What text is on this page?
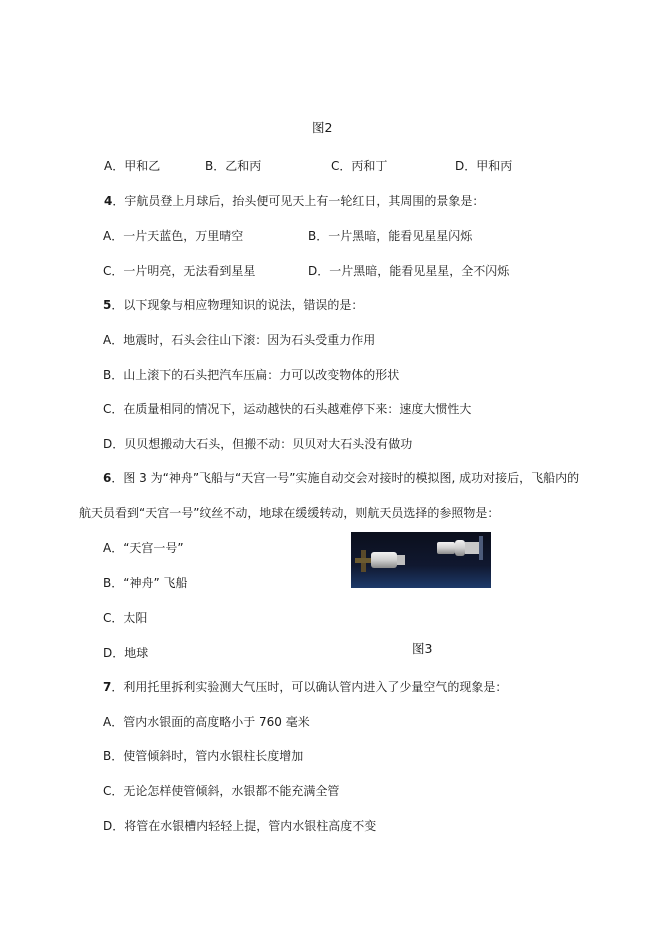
图2
A．甲和乙	B．乙和丙	C．丙和丁	D．甲和丙
4．宇航员登上月球后，抬头便可见天上有一轮红日，其周围的景象是：
A．一片天蓝色，万里晴空	B．一片黑暗，能看见星星闪烁
C．一片明亮，无法看到星星	D．一片黑暗，能看见星星，全不闪烁
5．以下现象与相应物理知识的说法，错误的是：
A．地震时，石头会往山下滚：因为石头受重力作用
B．山上滚下的石头把汽车压扁：力可以改变物体的形状
C．在质量相同的情况下，运动越快的石头越难停下来：速度大惯性大
D．贝贝想搬动大石头，但搬不动：贝贝对大石头没有做功
6．图 3 为“神舟”飞船与“天宫一号”实施自动交会对接时的模拟图, 成功对接后，飞船内的
航天员看到“天宫一号”纹丝不动，地球在缓缓转动，则航天员选择的参照物是：
A．“天宫一号”
B．“神舟” 飞船
C．太阳
D．地球	图3
7．利用托里拆利实验测大气压时，可以确认管内进入了少量空气的现象是：
A．管内水银面的高度略小于 760 毫米
B．使管倾斜时，管内水银柱长度增加
C．无论怎样使管倾斜，水银都不能充满全管
D．将管在水银槽内轻轻上提，管内水银柱高度不变
